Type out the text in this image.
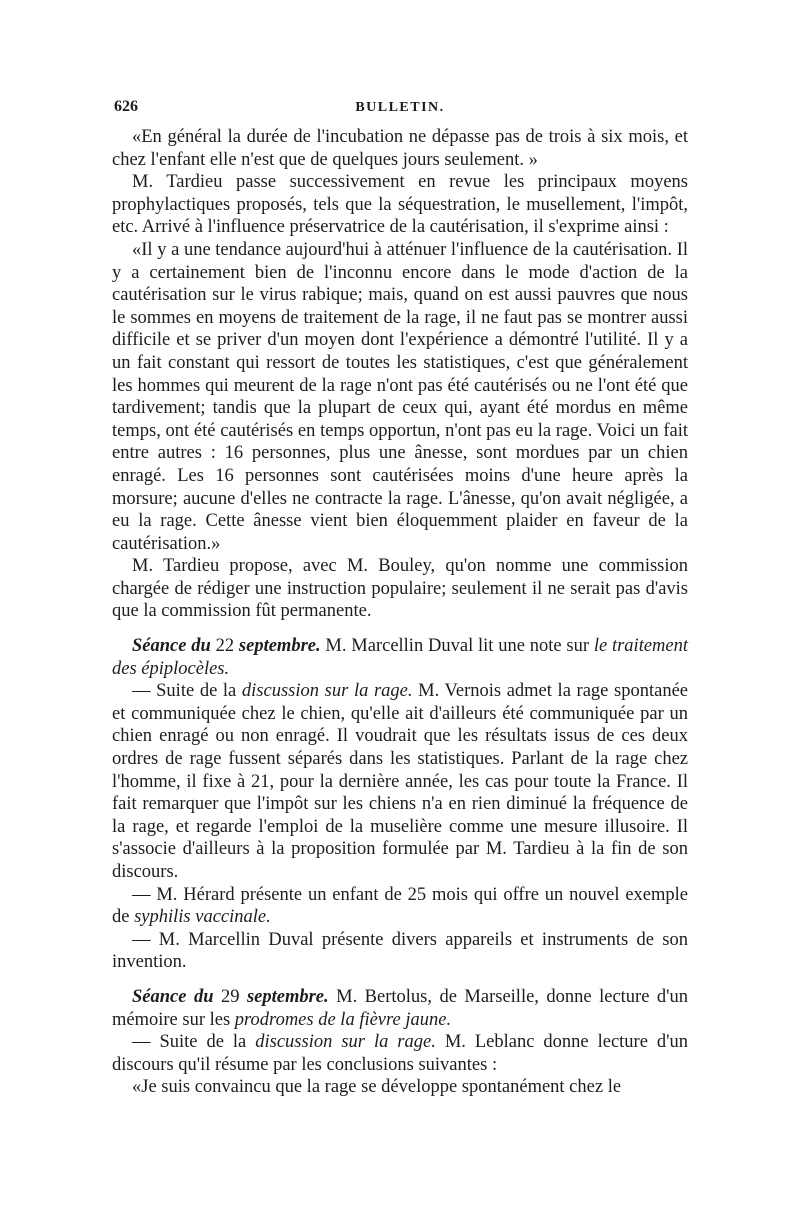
626	BULLETIN.

«En général la durée de l'incubation ne dépasse pas de trois à six mois, et chez l'enfant elle n'est que de quelques jours seulement. »

M. Tardieu passe successivement en revue les principaux moyens prophylactiques proposés, tels que la séquestration, le musellement, l'impôt, etc. Arrivé à l'influence préservatrice de la cautérisation, il s'exprime ainsi :

«Il y a une tendance aujourd'hui à atténuer l'influence de la cautérisation. Il y a certainement bien de l'inconnu encore dans le mode d'action de la cautérisation sur le virus rabique; mais, quand on est aussi pauvres que nous le sommes en moyens de traitement de la rage, il ne faut pas se montrer aussi difficile et se priver d'un moyen dont l'expérience a démontré l'utilité. Il y a un fait constant qui ressort de toutes les statistiques, c'est que généralement les hommes qui meurent de la rage n'ont pas été cautérisés ou ne l'ont été que tardivement; tandis que la plupart de ceux qui, ayant été mordus en même temps, ont été cautérisés en temps opportun, n'ont pas eu la rage. Voici un fait entre autres : 16 personnes, plus une ânesse, sont mordues par un chien enragé. Les 16 personnes sont cautérisées moins d'une heure après la morsure; aucune d'elles ne contracte la rage. L'ânesse, qu'on avait négligée, a eu la rage. Cette ânesse vient bien éloquemment plaider en faveur de la cautérisation.»

M. Tardieu propose, avec M. Bouley, qu'on nomme une commission chargée de rédiger une instruction populaire; seulement il ne serait pas d'avis que la commission fût permanente.

Séance du 22 septembre. M. Marcellin Duval lit une note sur le traitement des épiplocèles.

— Suite de la discussion sur la rage. M. Vernois admet la rage spontanée et communiquée chez le chien, qu'elle ait d'ailleurs été communiquée par un chien enragé ou non enragé. Il voudrait que les résultats issus de ces deux ordres de rage fussent séparés dans les statistiques. Parlant de la rage chez l'homme, il fixe à 21, pour la dernière année, les cas pour toute la France. Il fait remarquer que l'impôt sur les chiens n'a en rien diminué la fréquence de la rage, et regarde l'emploi de la muselière comme une mesure illusoire. Il s'associe d'ailleurs à la proposition formulée par M. Tardieu à la fin de son discours.

— M. Hérard présente un enfant de 25 mois qui offre un nouvel exemple de syphilis vaccinale.

— M. Marcellin Duval présente divers appareils et instruments de son invention.

Séance du 29 septembre. M. Bertolus, de Marseille, donne lecture d'un mémoire sur les prodromes de la fièvre jaune.

— Suite de la discussion sur la rage. M. Leblanc donne lecture d'un discours qu'il résume par les conclusions suivantes :

«Je suis convaincu que la rage se développe spontanément chez le
